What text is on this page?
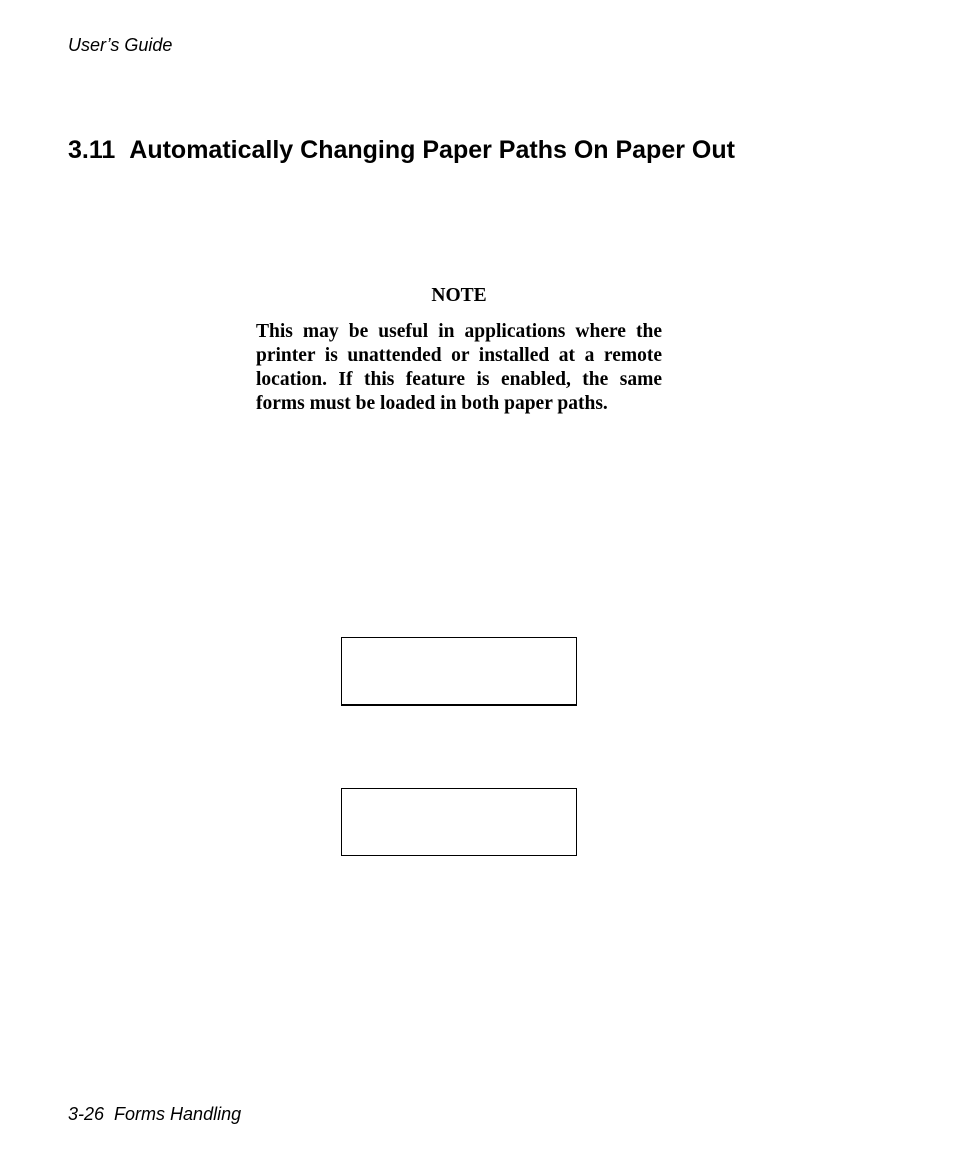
User’s Guide
3.11 Automatically Changing Paper Paths On Paper Out
NOTE

This may be useful in applications where the printer is unattended or installed at a remote location. If this feature is enabled, the same forms must be loaded in both paper paths.

3-26 Forms Handling
